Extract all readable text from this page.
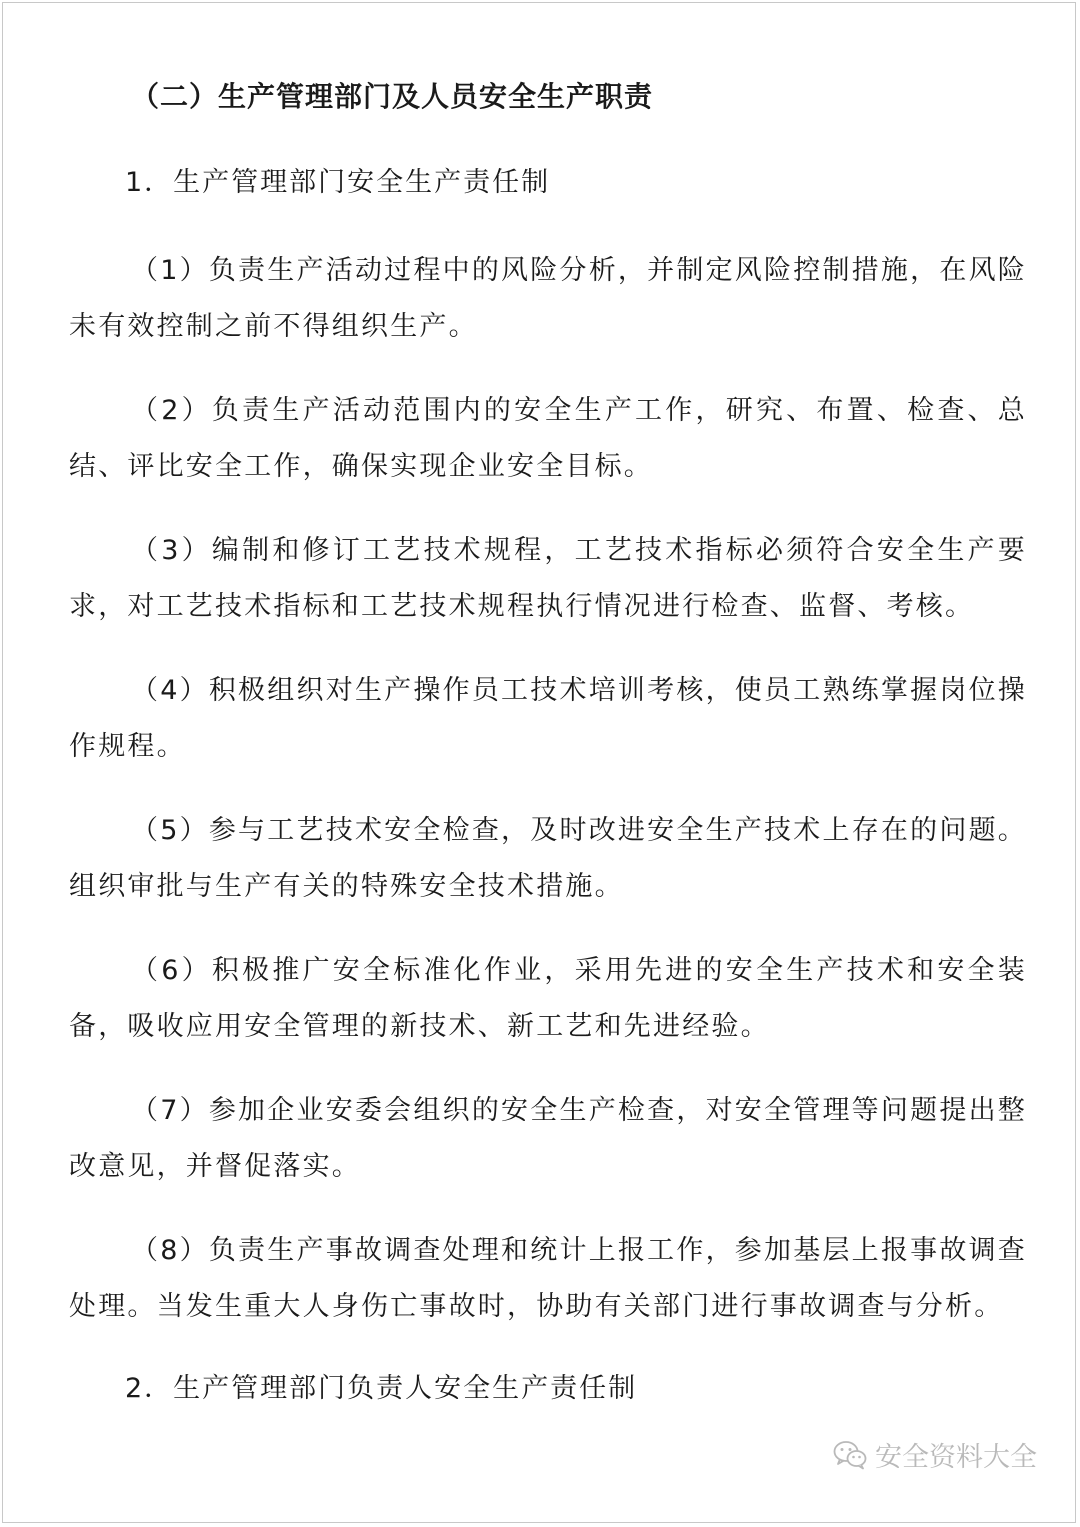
（二）生产管理部门及人员安全生产职责
1．生产管理部门安全生产责任制

（1）负责生产活动过程中的风险分析，并制定风险控制措施，在风险未有效控制之前不得组织生产。

（2）负责生产活动范围内的安全生产工作，研究、布置、检查、总结、评比安全工作，确保实现企业安全目标。

（3）编制和修订工艺技术规程，工艺技术指标必须符合安全生产要求，对工艺技术指标和工艺技术规程执行情况进行检查、监督、考核。

（4）积极组织对生产操作员工技术培训考核，使员工熟练掌握岗位操作规程。

（5）参与工艺技术安全检查，及时改进安全生产技术上存在的问题。组织审批与生产有关的特殊安全技术措施。

（6）积极推广安全标准化作业，采用先进的安全生产技术和安全装备，吸收应用安全管理的新技术、新工艺和先进经验。

（7）参加企业安委会组织的安全生产检查，对安全管理等问题提出整改意见，并督促落实。

（8）负责生产事故调查处理和统计上报工作，参加基层上报事故调查处理。当发生重大人身伤亡事故时，协助有关部门进行事故调查与分析。

2．生产管理部门负责人安全生产责任制
安全资料大全
